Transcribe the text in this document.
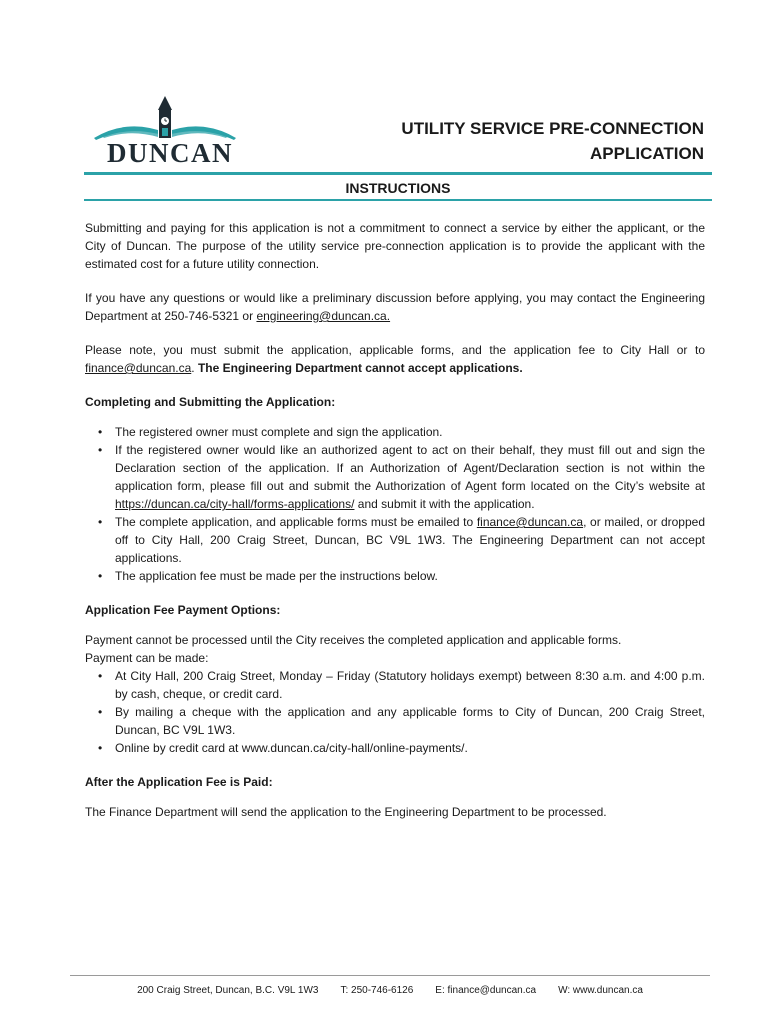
DUNCAN
UTILITY SERVICE PRE-CONNECTION
APPLICATION
INSTRUCTIONS

Submitting and paying for this application is not a commitment to connect a service by either the applicant, or the City of Duncan. The purpose of the utility service pre-connection application is to provide the applicant with the estimated cost for a future utility connection.

If you have any questions or would like a preliminary discussion before applying, you may contact the Engineering Department at 250-746-5321 or engineering@duncan.ca.

Please note, you must submit the application, applicable forms, and the application fee to City Hall or to finance@duncan.ca. The Engineering Department cannot accept applications.

Completing and Submitting the Application:

• The registered owner must complete and sign the application.
• If the registered owner would like an authorized agent to act on their behalf, they must fill out and sign the Declaration section of the application. If an Authorization of Agent/Declaration section is not within the application form, please fill out and submit the Authorization of Agent form located on the City’s website at https://duncan.ca/city-hall/forms-applications/ and submit it with the application.
• The complete application, and applicable forms must be emailed to finance@duncan.ca, or mailed, or dropped off to City Hall, 200 Craig Street, Duncan, BC V9L 1W3. The Engineering Department can not accept applications.
• The application fee must be made per the instructions below.

Application Fee Payment Options:

Payment cannot be processed until the City receives the completed application and applicable forms.

Payment can be made:

• At City Hall, 200 Craig Street, Monday – Friday (Statutory holidays exempt) between 8:30 a.m. and 4:00 p.m. by cash, cheque, or credit card.
• By mailing a cheque with the application and any applicable forms to City of Duncan, 200 Craig Street, Duncan, BC V9L 1W3.
• Online by credit card at www.duncan.ca/city-hall/online-payments/.

After the Application Fee is Paid:

The Finance Department will send the application to the Engineering Department to be processed.

200 Craig Street, Duncan, B.C. V9L 1W3 T: 250-746-6126 E: finance@duncan.ca W: www.duncan.ca
